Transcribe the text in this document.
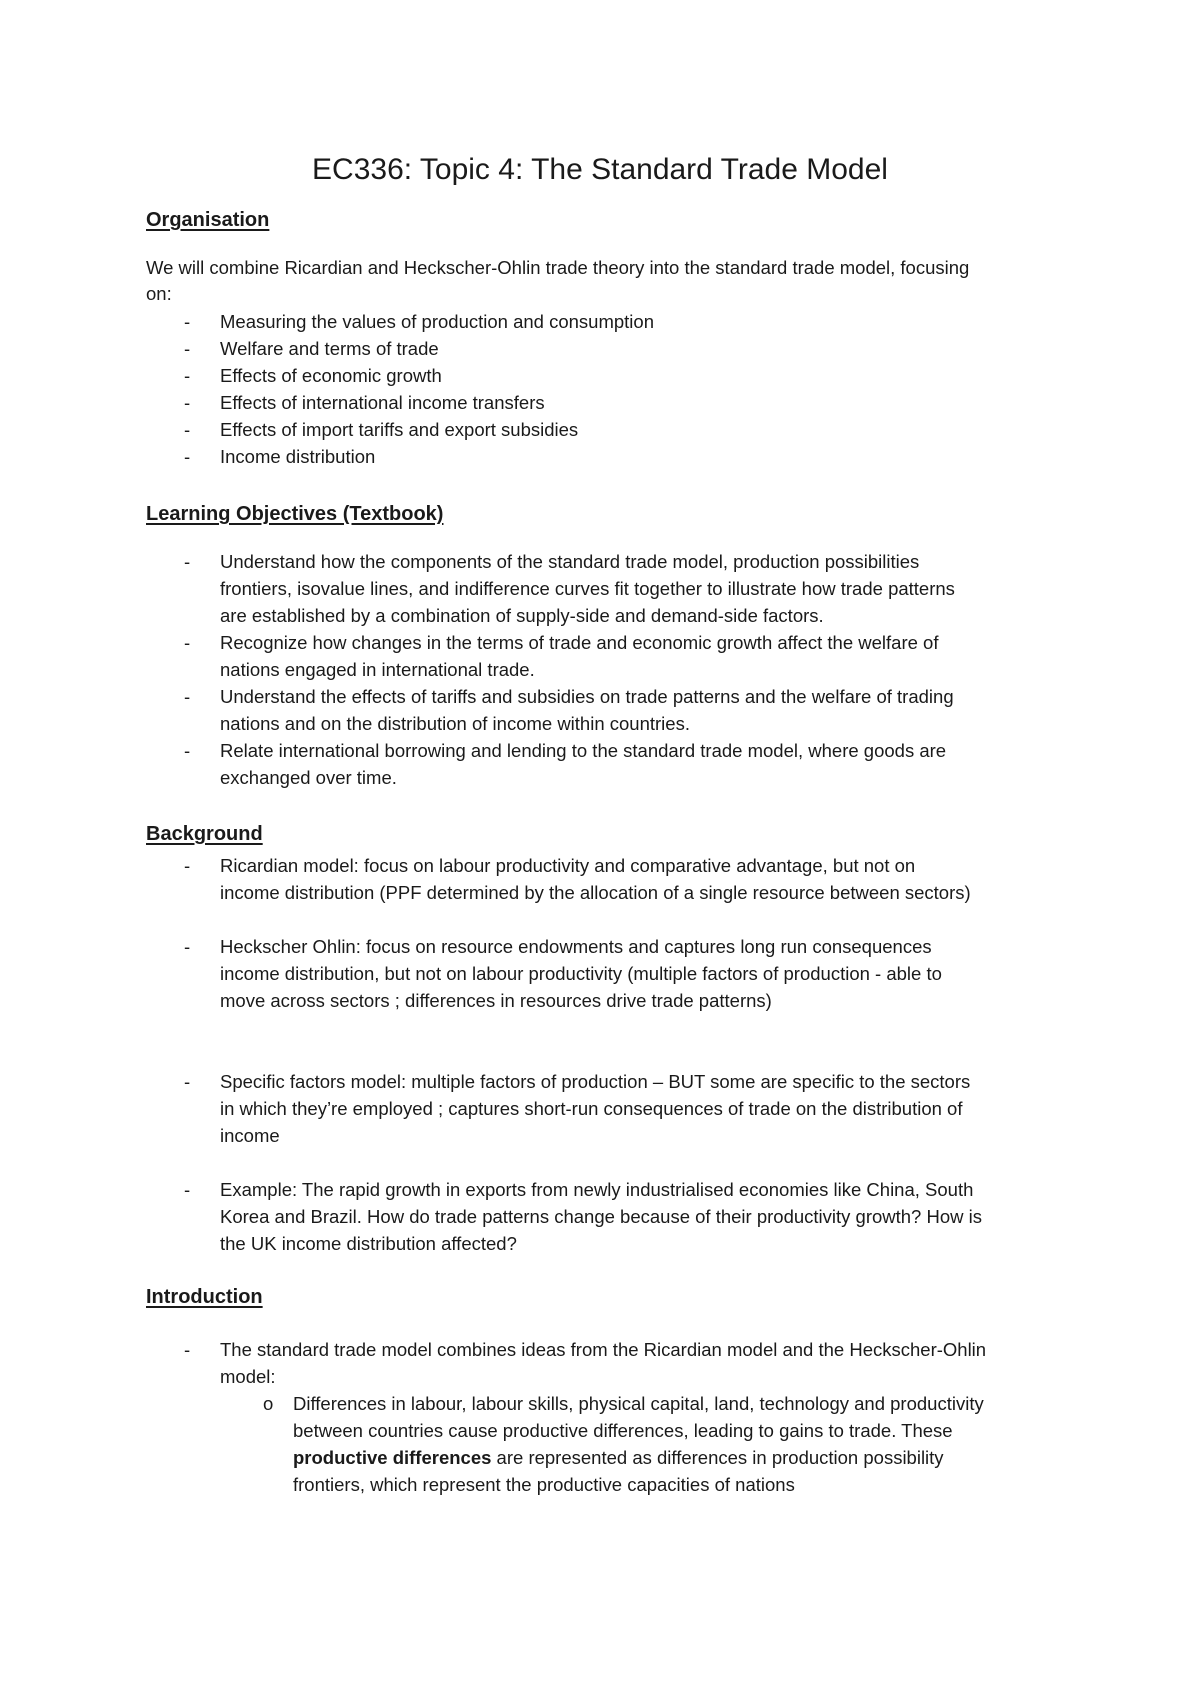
EC336: Topic 4: The Standard Trade Model
Organisation
We will combine Ricardian and Heckscher-Ohlin trade theory into the standard trade model, focusing
on:
- Measuring the values of production and consumption
- Welfare and terms of trade
- Effects of economic growth
- Effects of international income transfers
- Effects of import tariffs and export subsidies
- Income distribution
Learning Objectives (Textbook)
- Understand how the components of the standard trade model, production possibilities
frontiers, isovalue lines, and indifference curves fit together to illustrate how trade patterns
are established by a combination of supply-side and demand-side factors.
- Recognize how changes in the terms of trade and economic growth affect the welfare of
nations engaged in international trade.
- Understand the effects of tariffs and subsidies on trade patterns and the welfare of trading
nations and on the distribution of income within countries.
- Relate international borrowing and lending to the standard trade model, where goods are
exchanged over time.
Background
- Ricardian model: focus on labour productivity and comparative advantage, but not on
income distribution (PPF determined by the allocation of a single resource between sectors)
- Heckscher Ohlin: focus on resource endowments and captures long run consequences
income distribution, but not on labour productivity (multiple factors of production - able to
move across sectors ; differences in resources drive trade patterns)
- Specific factors model: multiple factors of production – BUT some are specific to the sectors
in which they’re employed ; captures short-run consequences of trade on the distribution of
income
- Example: The rapid growth in exports from newly industrialised economies like China, South
Korea and Brazil. How do trade patterns change because of their productivity growth? How is
the UK income distribution affected?
Introduction
- The standard trade model combines ideas from the Ricardian model and the Heckscher-Ohlin
model:
o Differences in labour, labour skills, physical capital, land, technology and productivity
between countries cause productive differences, leading to gains to trade. These
productive differences are represented as differences in production possibility
frontiers, which represent the productive capacities of nations
